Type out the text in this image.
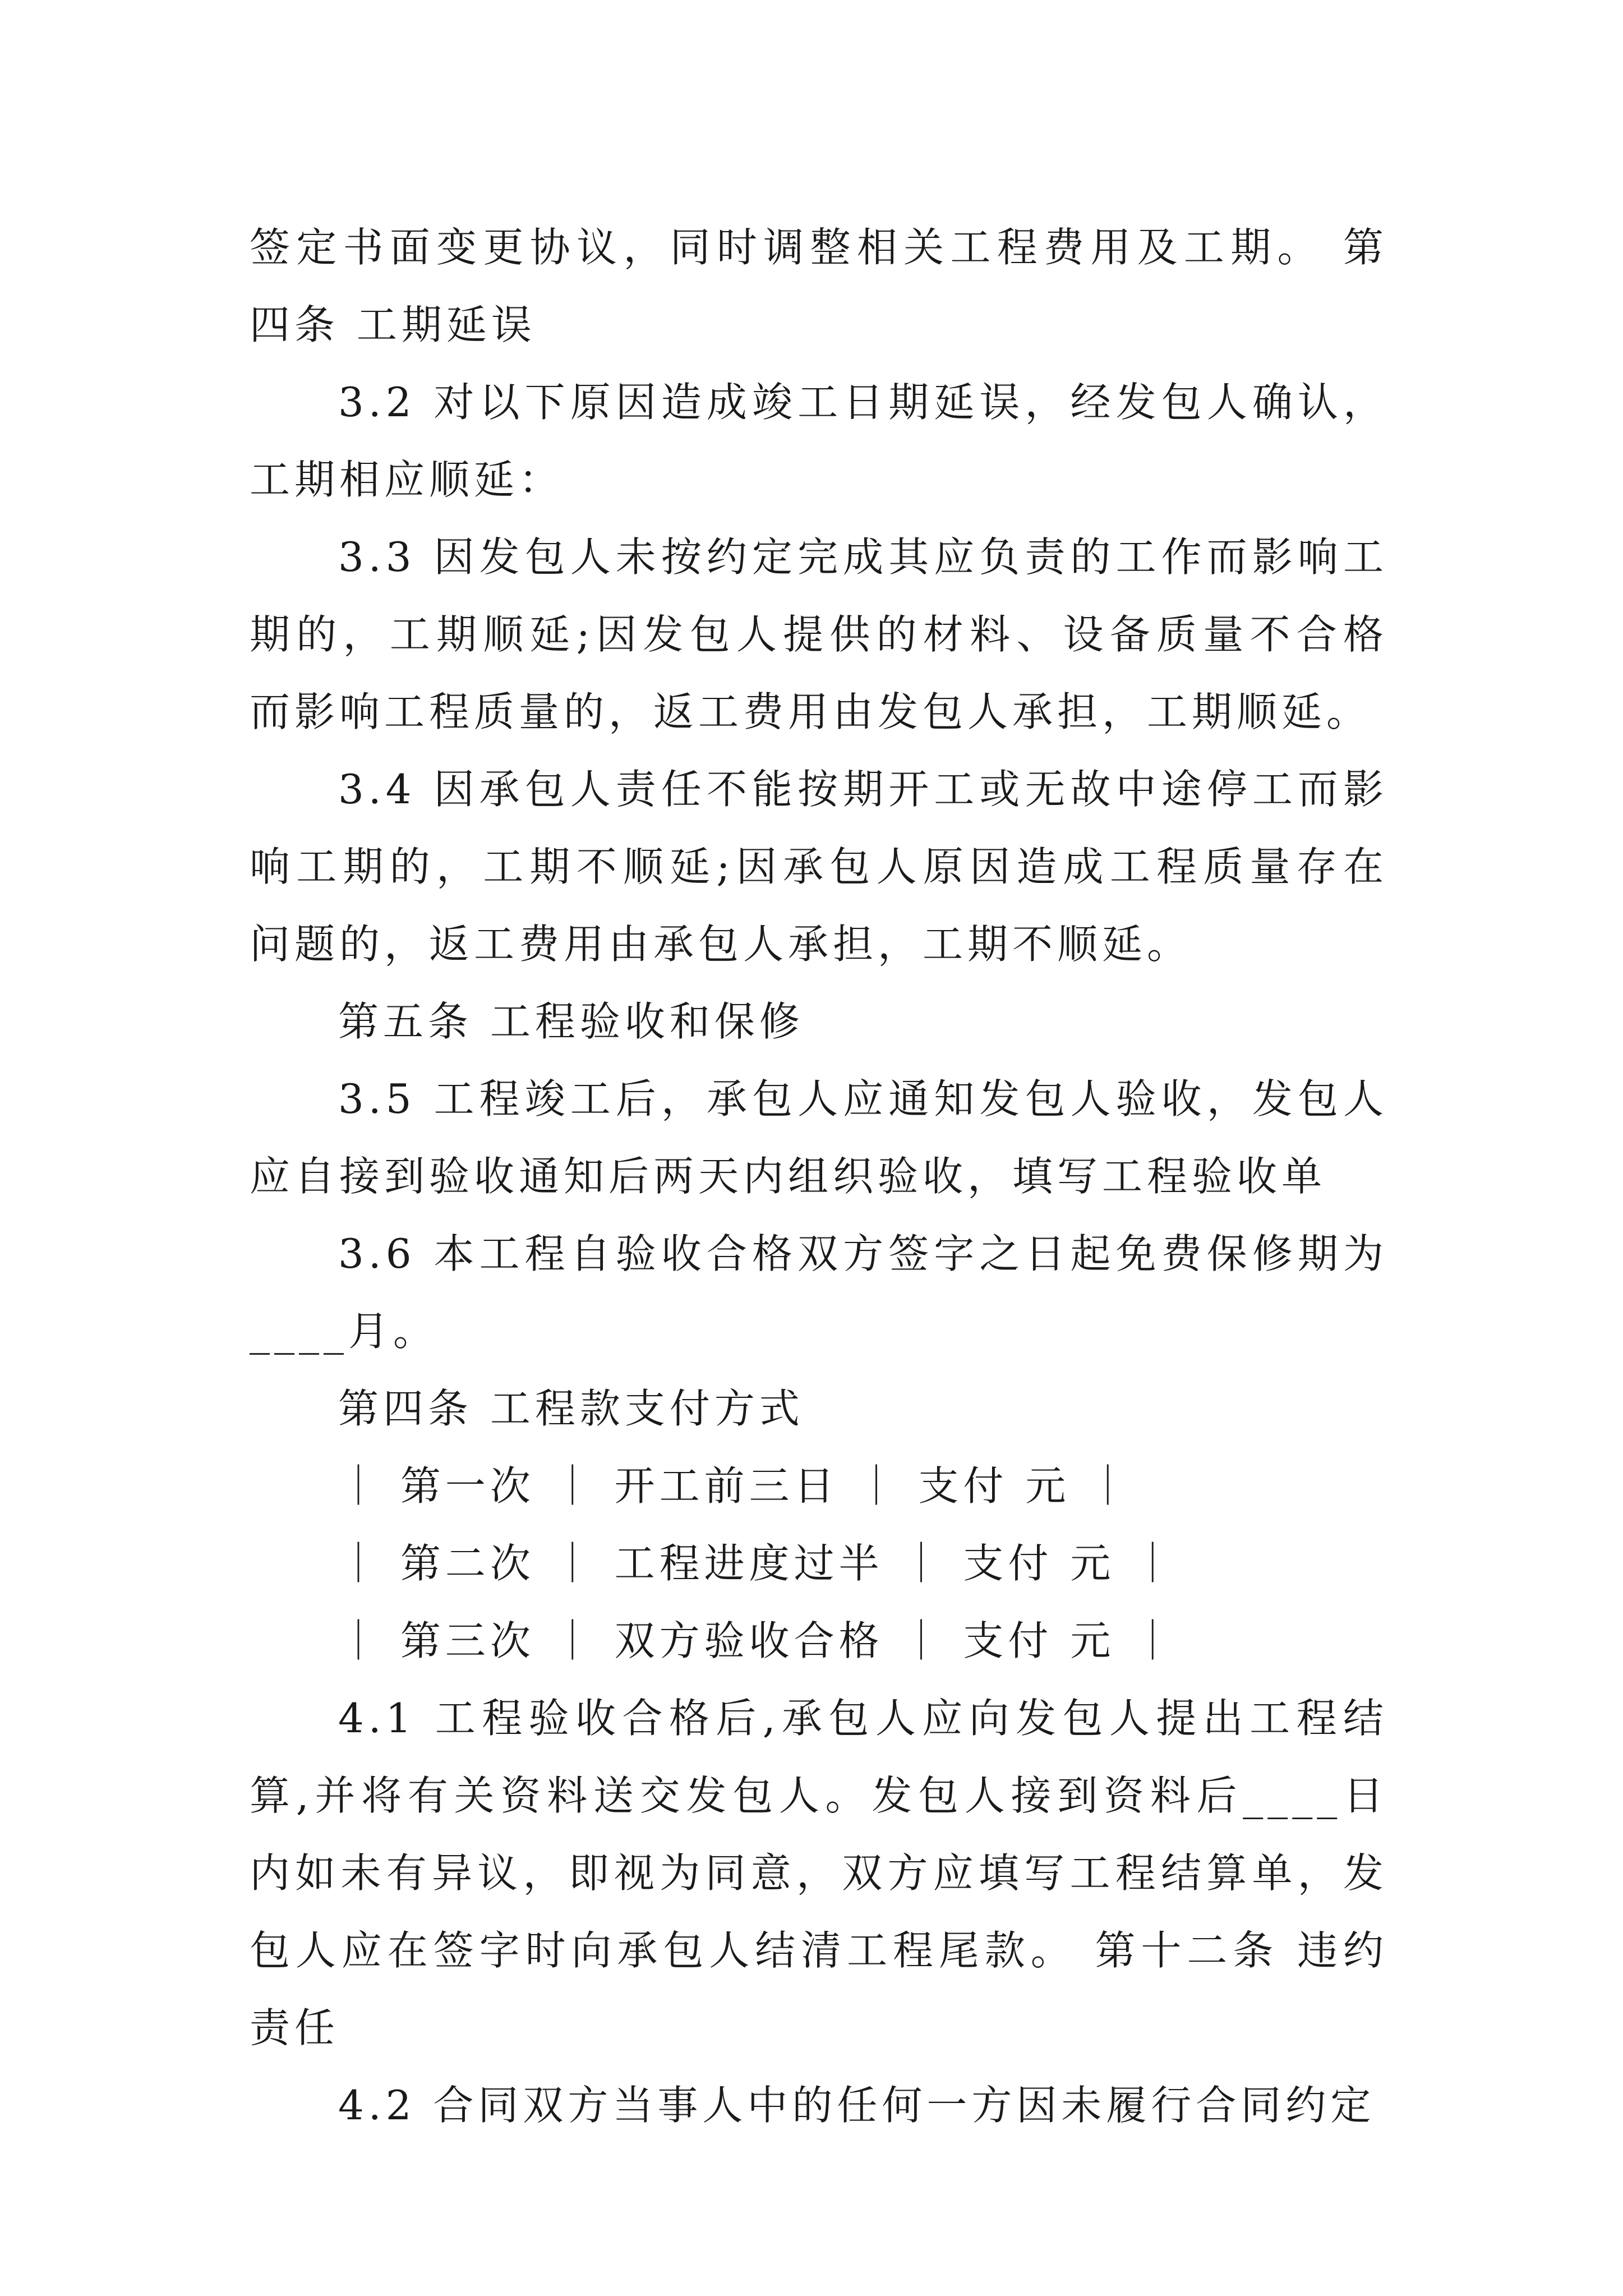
签定书面变更协议，同时调整相关工程费用及工期。 第四条 工期延误

3.2 对以下原因造成竣工日期延误，经发包人确认，工期相应顺延：

3.3 因发包人未按约定完成其应负责的工作而影响工期的，工期顺延;因发包人提供的材料、设备质量不合格而影响工程质量的，返工费用由发包人承担，工期顺延。

3.4 因承包人责任不能按期开工或无故中途停工而影响工期的，工期不顺延;因承包人原因造成工程质量存在问题的，返工费用由承包人承担，工期不顺延。

第五条 工程验收和保修

3.5 工程竣工后，承包人应通知发包人验收，发包人应自接到验收通知后两天内组织验收，填写工程验收单

3.6 本工程自验收合格双方签字之日起免费保修期为____月。

第四条 工程款支付方式

｜ 第一次 ｜ 开工前三日 ｜ 支付 元 ｜

｜ 第二次 ｜ 工程进度过半 ｜ 支付 元 ｜

｜ 第三次 ｜ 双方验收合格 ｜ 支付 元 ｜

4.1 工程验收合格后,承包人应向发包人提出工程结算,并将有关资料送交发包人。发包人接到资料后____日内如未有异议，即视为同意，双方应填写工程结算单，发包人应在签字时向承包人结清工程尾款。 第十二条 违约责任

4.2 合同双方当事人中的任何一方因未履行合同约定
